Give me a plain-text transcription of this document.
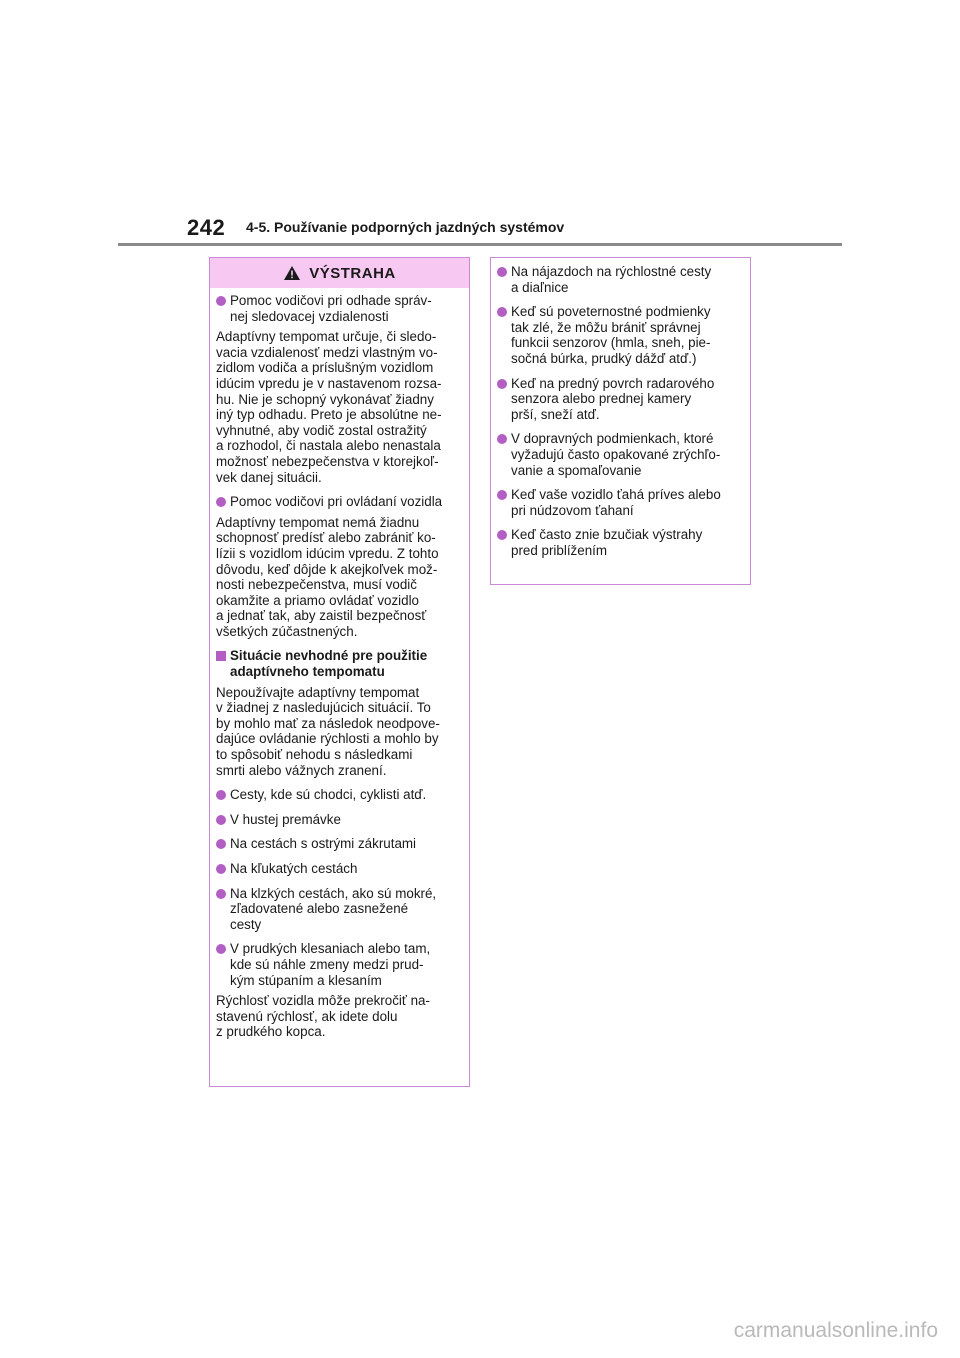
242 4-5. Používanie podporných jazdných systémov
VÝSTRAHA
Pomoc vodičovi pri odhade správ-
nej sledovacej vzdialenosti
Adaptívny tempomat určuje, či sledo-
vacia vzdialenosť medzi vlastným vo-
zidlom vodiča a príslušným vozidlom
idúcim vpredu je v nastavenom rozsa-
hu. Nie je schopný vykonávať žiadny
iný typ odhadu. Preto je absolútne ne-
vyhnutné, aby vodič zostal ostražitý
a rozhodol, či nastala alebo nenastala
možnosť nebezpečenstva v ktorejkoľ-
vek danej situácii.
Pomoc vodičovi pri ovládaní vozidla
Adaptívny tempomat nemá žiadnu
schopnosť predísť alebo zabrániť ko-
lízii s vozidlom idúcim vpredu. Z tohto
dôvodu, keď dôjde k akejkoľvek mož-
nosti nebezpečenstva, musí vodič
okamžite a priamo ovládať vozidlo
a jednať tak, aby zaistil bezpečnosť
všetkých zúčastnených.
Situácie nevhodné pre použitie
adaptívneho tempomatu
Nepoužívajte adaptívny tempomat
v žiadnej z nasledujúcich situácií. To
by mohlo mať za následok neodpove-
dajúce ovládanie rýchlosti a mohlo by
to spôsobiť nehodu s následkami
smrti alebo vážnych zranení.
Cesty, kde sú chodci, cyklisti atď.
V hustej premávke
Na cestách s ostrými zákrutami
Na kľukatých cestách
Na klzkých cestách, ako sú mokré,
zľadovatené alebo zasnežené
cesty
V prudkých klesaniach alebo tam,
kde sú náhle zmeny medzi prud-
kým stúpaním a klesaním
Rýchlosť vozidla môže prekročiť na-
stavenú rýchlosť, ak idete dolu
z prudkého kopca.
Na nájazdoch na rýchlostné cesty
a diaľnice
Keď sú poveternostné podmienky
tak zlé, že môžu brániť správnej
funkcii senzorov (hmla, sneh, pie-
sočná búrka, prudký dážď atď.)
Keď na predný povrch radarového
senzora alebo prednej kamery
prší, sneží atď.
V dopravných podmienkach, ktoré
vyžadujú často opakované zrýchľo-
vanie a spomaľovanie
Keď vaše vozidlo ťahá príves alebo
pri núdzovom ťahaní
Keď často znie bzučiak výstrahy
pred priblížením
carmanualsonline.info
